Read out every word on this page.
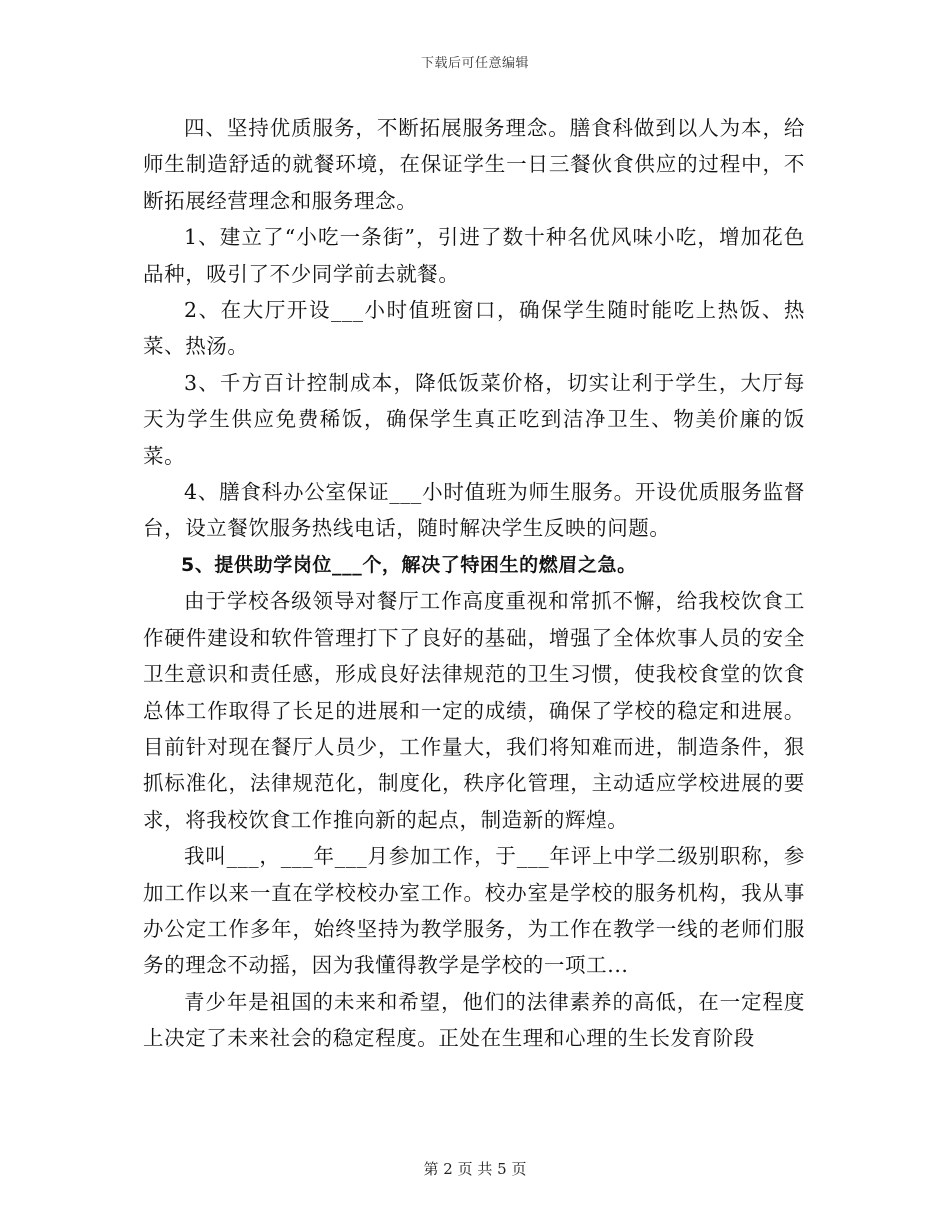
下载后可任意编辑

四、坚持优质服务，不断拓展服务理念。膳食科做到以人为本，给师生制造舒适的就餐环境，在保证学生一日三餐伙食供应的过程中，不断拓展经营理念和服务理念。

1、建立了“小吃一条街”，引进了数十种名优风味小吃，增加花色品种，吸引了不少同学前去就餐。

2、在大厅开设___小时值班窗口，确保学生随时能吃上热饭、热菜、热汤。

3、千方百计控制成本，降低饭菜价格，切实让利于学生，大厅每天为学生供应免费稀饭，确保学生真正吃到洁净卫生、物美价廉的饭菜。

4、膳食科办公室保证___小时值班为师生服务。开设优质服务监督台，设立餐饮服务热线电话，随时解决学生反映的问题。

5、提供助学岗位___个，解决了特困生的燃眉之急。

由于学校各级领导对餐厅工作高度重视和常抓不懈，给我校饮食工作硬件建设和软件管理打下了良好的基础，增强了全体炊事人员的安全卫生意识和责任感，形成良好法律规范的卫生习惯，使我校食堂的饮食总体工作取得了长足的进展和一定的成绩，确保了学校的稳定和进展。目前针对现在餐厅人员少，工作量大，我们将知难而进，制造条件，狠抓标准化，法律规范化，制度化，秩序化管理，主动适应学校进展的要求，将我校饮食工作推向新的起点，制造新的辉煌。

我叫___，___年___月参加工作，于___年评上中学二级别职称，参加工作以来一直在学校校办室工作。校办室是学校的服务机构，我从事办公定工作多年，始终坚持为教学服务，为工作在教学一线的老师们服务的理念不动摇，因为我懂得教学是学校的一项工...

青少年是祖国的未来和希望，他们的法律素养的高低，在一定程度上决定了未来社会的稳定程度。正处在生理和心理的生长发育阶段

第 2 页 共 5 页
